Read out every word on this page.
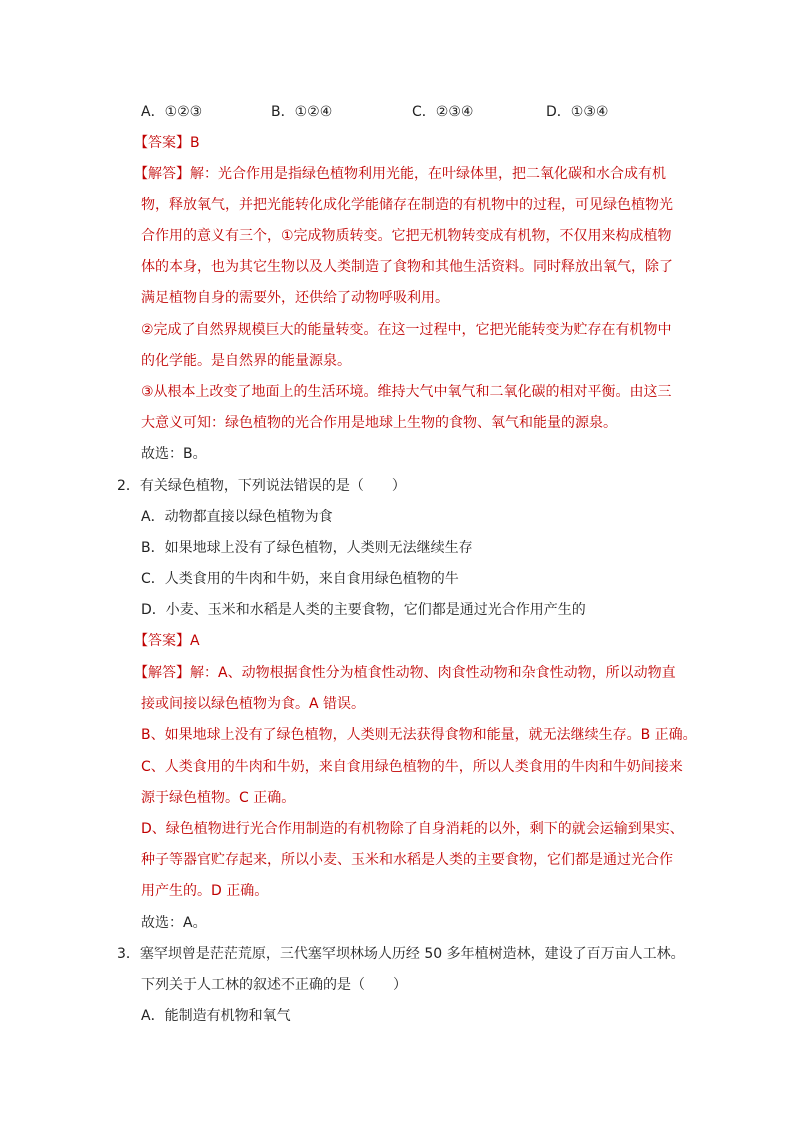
A．①②③	B．①②④	C．②③④	D．①③④
【答案】B
【解答】解：光合作用是指绿色植物利用光能，在叶绿体里，把二氧化碳和水合成有机
物，释放氧气，并把光能转化成化学能储存在制造的有机物中的过程，可见绿色植物光
合作用的意义有三个，①完成物质转变。它把无机物转变成有机物，不仅用来构成植物
体的本身，也为其它生物以及人类制造了食物和其他生活资料。同时释放出氧气，除了
满足植物自身的需要外，还供给了动物呼吸利用。
②完成了自然界规模巨大的能量转变。在这一过程中，它把光能转变为贮存在有机物中
的化学能。是自然界的能量源泉。
③从根本上改变了地面上的生活环境。维持大气中氧气和二氧化碳的相对平衡。由这三
大意义可知：绿色植物的光合作用是地球上生物的食物、氧气和能量的源泉。
故选：B。
2．有关绿色植物，下列说法错误的是（　　）
A．动物都直接以绿色植物为食
B．如果地球上没有了绿色植物，人类则无法继续生存
C．人类食用的牛肉和牛奶，来自食用绿色植物的牛
D．小麦、玉米和水稻是人类的主要食物，它们都是通过光合作用产生的
【答案】A
【解答】解：A、动物根据食性分为植食性动物、肉食性动物和杂食性动物，所以动物直
接或间接以绿色植物为食。A 错误。
B、如果地球上没有了绿色植物，人类则无法获得食物和能量，就无法继续生存。B 正确。
C、人类食用的牛肉和牛奶，来自食用绿色植物的牛，所以人类食用的牛肉和牛奶间接来
源于绿色植物。C 正确。
D、绿色植物进行光合作用制造的有机物除了自身消耗的以外，剩下的就会运输到果实、
种子等器官贮存起来，所以小麦、玉米和水稻是人类的主要食物，它们都是通过光合作
用产生的。D 正确。
故选：A。
3．塞罕坝曾是茫茫荒原，三代塞罕坝林场人历经 50 多年植树造林，建设了百万亩人工林。
下列关于人工林的叙述不正确的是（　　）
A．能制造有机物和氧气
